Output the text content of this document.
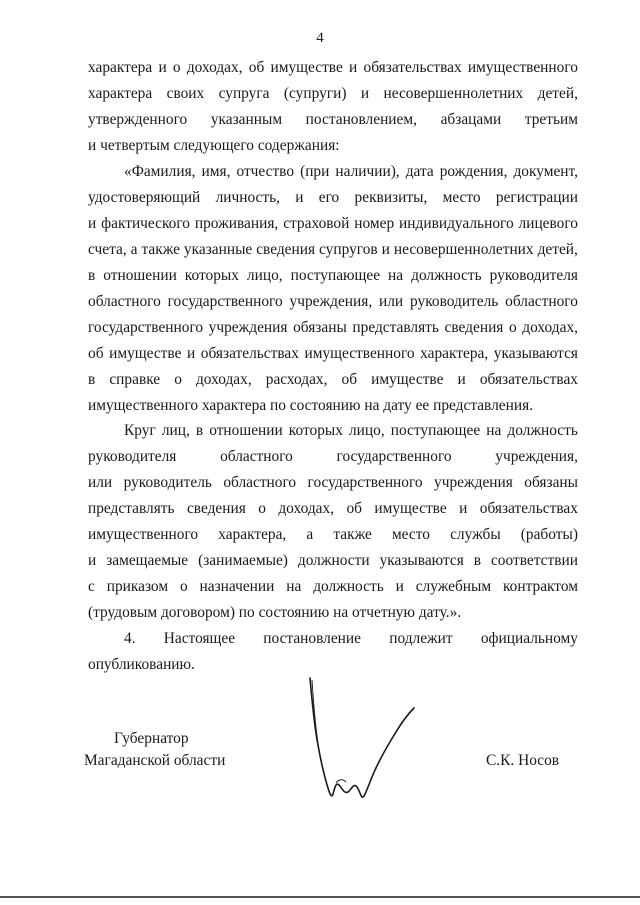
4
характера и о доходах, об имуществе и обязательствах имущественного
характера своих супруга (супруги) и несовершеннолетних детей,
утвержденного указанным постановлением, абзацами третьим
и четвертым следующего содержания:
«Фамилия, имя, отчество (при наличии), дата рождения, документ,
удостоверяющий личность, и его реквизиты, место регистрации
и фактического проживания, страховой номер индивидуального лицевого
счета, а также указанные сведения супругов и несовершеннолетних детей,
в отношении которых лицо, поступающее на должность руководителя
областного государственного учреждения, или руководитель областного
государственного учреждения обязаны представлять сведения о доходах,
об имуществе и обязательствах имущественного характера, указываются
в справке о доходах, расходах, об имуществе и обязательствах
имущественного характера по состоянию на дату ее представления.
Круг лиц, в отношении которых лицо, поступающее на должность
руководителя	областного	государственного	учреждения,
или руководитель областного государственного учреждения обязаны
представлять сведения о доходах, об имуществе и обязательствах
имущественного характера, а также место службы (работы)
и замещаемые (занимаемые) должности указываются в соответствии
с приказом о назначении на должность и служебным контрактом
(трудовым договором) по состоянию на отчетную дату.».
4. Настоящее постановление подлежит официальному
опубликованию.
Губернатор
Магаданской области	С.К. Носов
